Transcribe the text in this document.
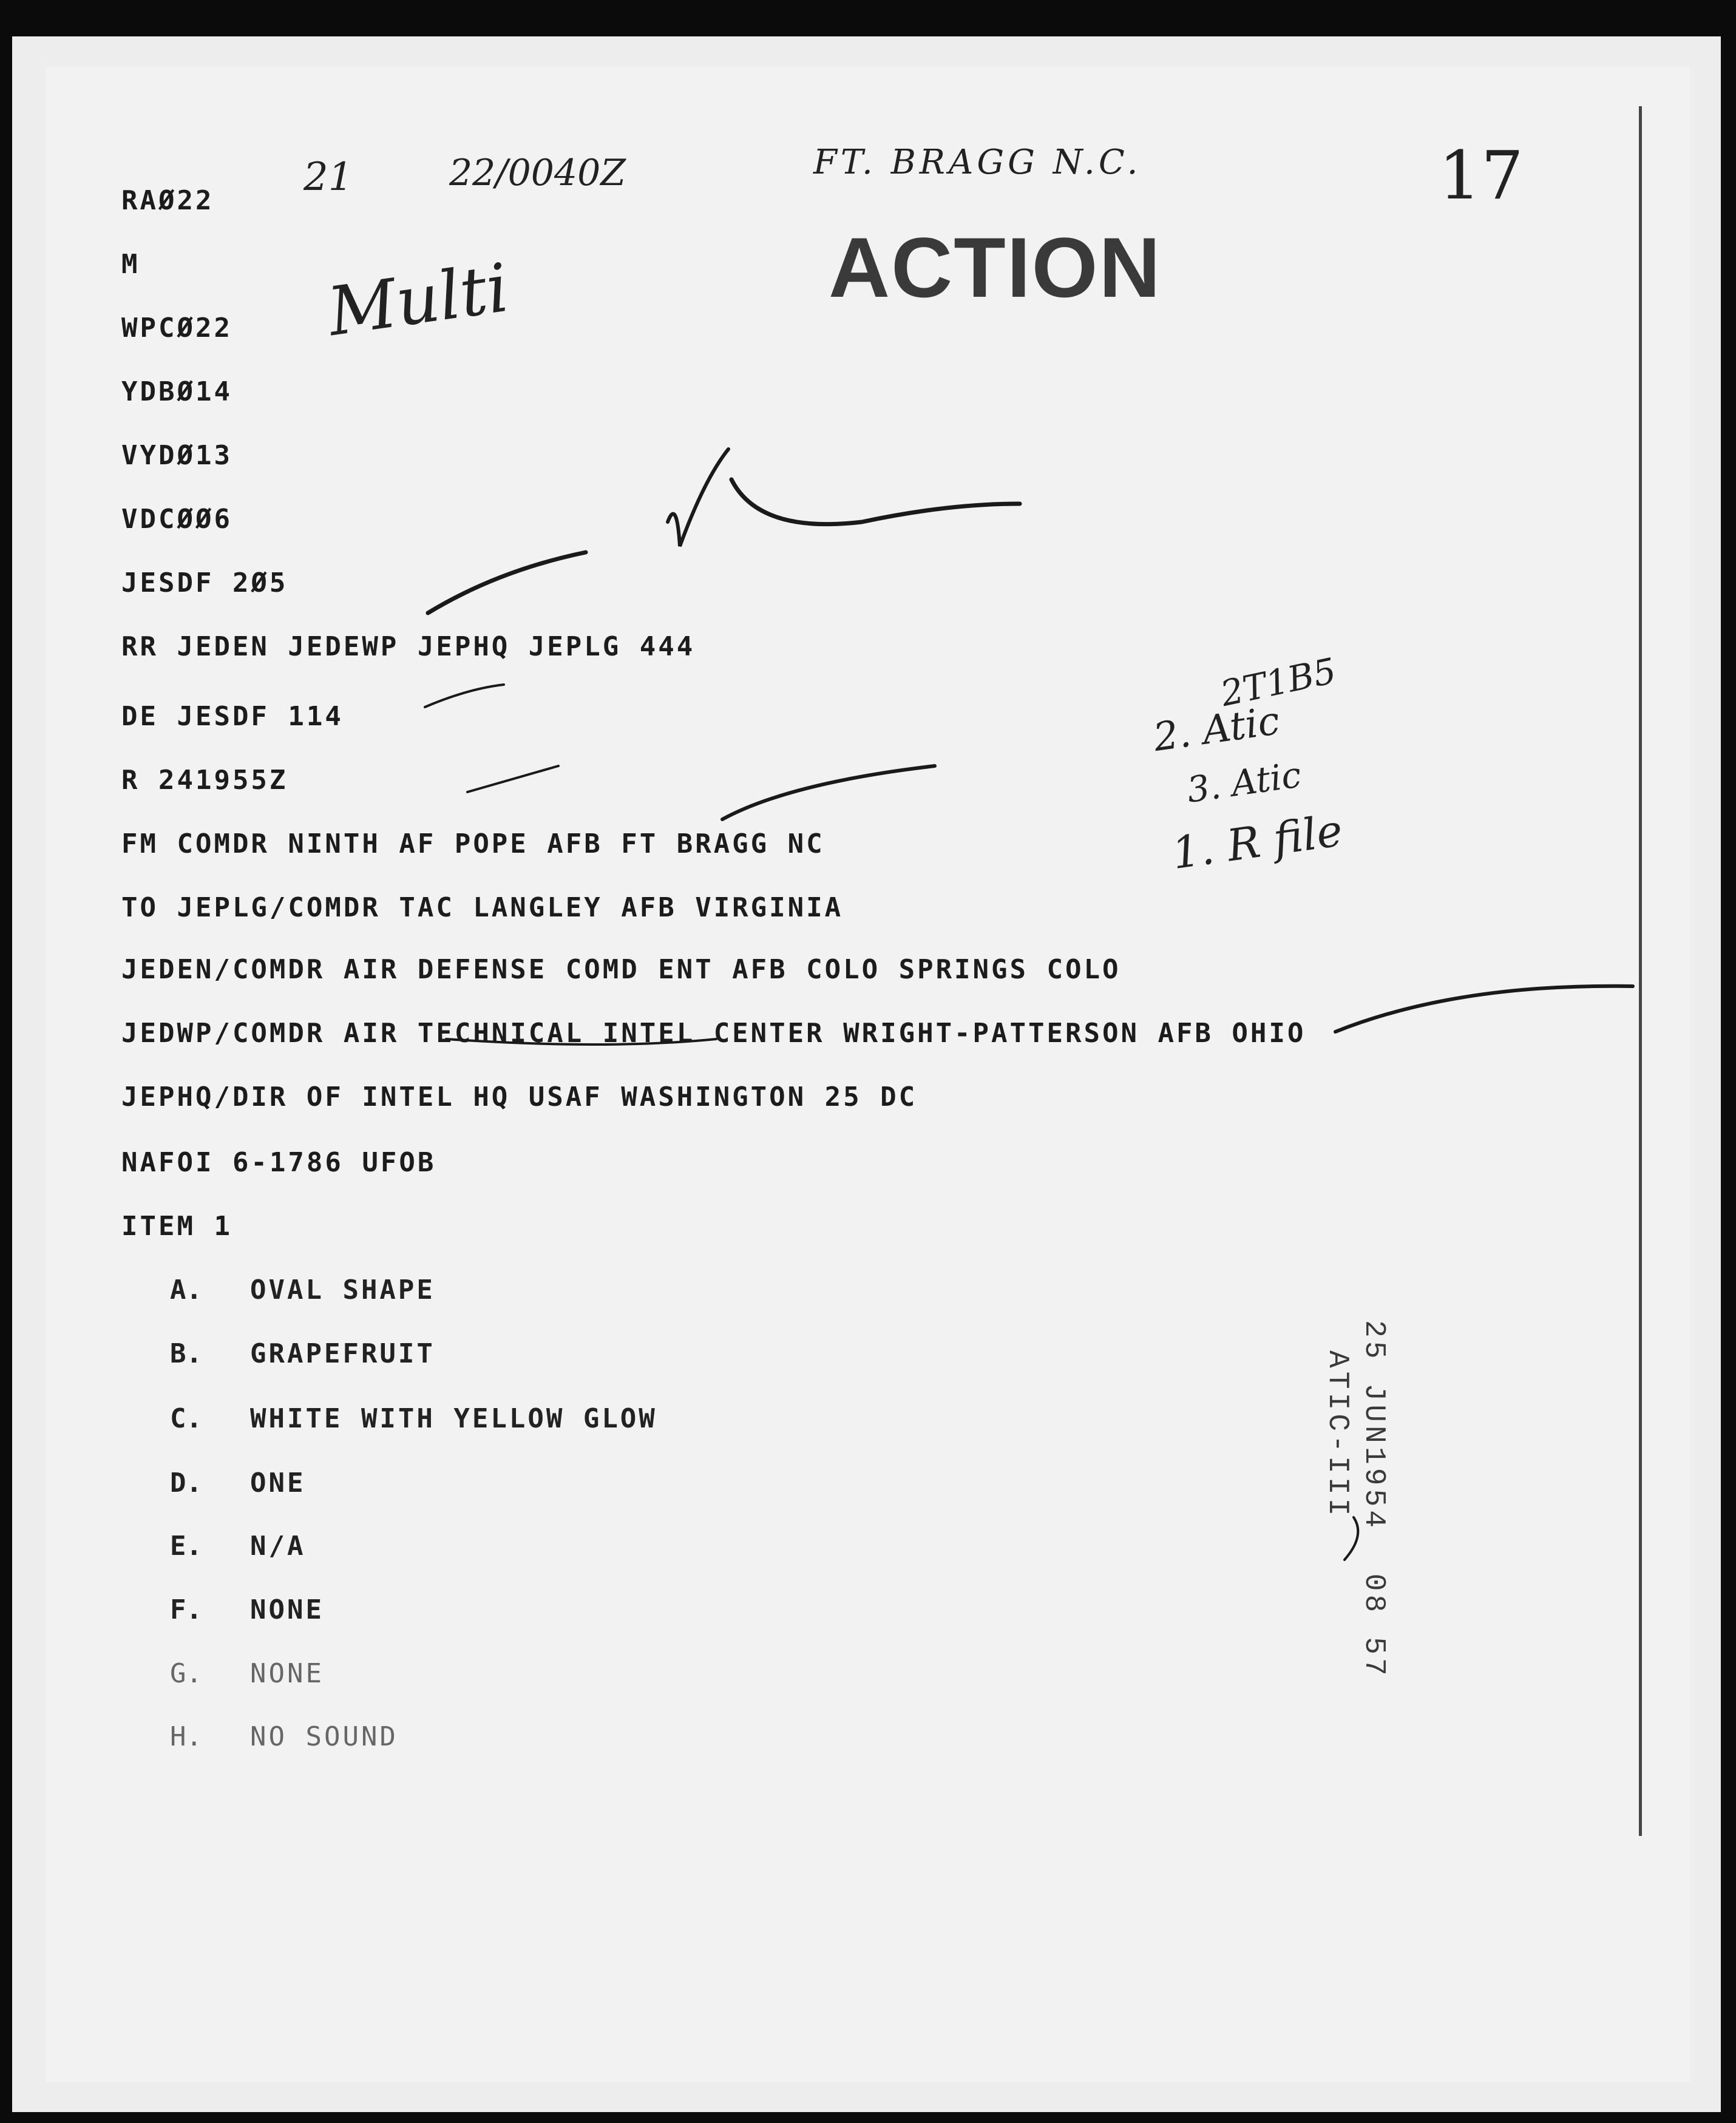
RAØ22
M
WPCØ22
YDBØ14
VYDØ13
VDCØØ6
JESDF 2Ø5
RR JEDEN JEDEWP JEPHQ JEPLG 444
DE JESDF 114
R 241955Z
FM COMDR NINTH AF POPE AFB FT BRAGG NC
TO JEPLG/COMDR TAC LANGLEY AFB VIRGINIA
JEDEN/COMDR AIR DEFENSE COMD ENT AFB COLO SPRINGS COLO
JEDWP/COMDR AIR TECHNICAL INTEL CENTER WRIGHT-PATTERSON AFB OHIO
JEPHQ/DIR OF INTEL HQ USAF WASHINGTON 25 DC
NAFOI 6-1786 UFOB
ITEM 1
A. OVAL SHAPE
B. GRAPEFRUIT
C. WHITE WITH YELLOW GLOW
D. ONE
E. N/A
F. NONE
G. NONE
H. NO SOUND
21	22/0040Z	FT. BRAGG N.C.	17
Multi
2T1B5
2. Atic
3. Atic
1. R file
ACTION
25 JUN1954  08 57
ATIC-III
